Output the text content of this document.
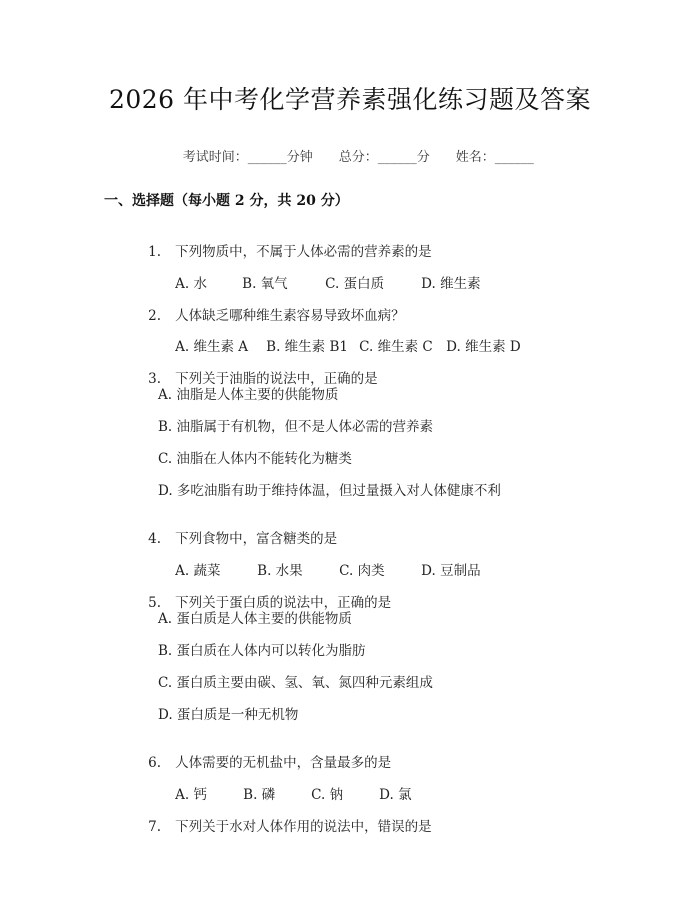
2026 年中考化学营养素强化练习题及答案

考试时间：______分钟 总分：______分 姓名：______

一、选择题（每小题 2 分，共 20 分）

1. 下列物质中，不属于人体必需的营养素的是

A. 水	B. 氧气	C. 蛋白质	D. 维生素

2. 人体缺乏哪种维生素容易导致坏血病？

A. 维生素 A B. 维生素 B1 C. 维生素 C D. 维生素 D

3. 下列关于油脂的说法中，正确的是

A. 油脂是人体主要的供能物质
B. 油脂属于有机物，但不是人体必需的营养素
C. 油脂在人体内不能转化为糖类
D. 多吃油脂有助于维持体温，但过量摄入对人体健康不利

4. 下列食物中，富含糖类的是

A. 蔬菜	B. 水果	C. 肉类	D. 豆制品

5. 下列关于蛋白质的说法中，正确的是

A. 蛋白质是人体主要的供能物质
B. 蛋白质在人体内可以转化为脂肪
C. 蛋白质主要由碳、氢、氧、氮四种元素组成
D. 蛋白质是一种无机物

6. 人体需要的无机盐中，含量最多的是

A. 钙	B. 磷	C. 钠	D. 氯

7. 下列关于水对人体作用的说法中，错误的是
